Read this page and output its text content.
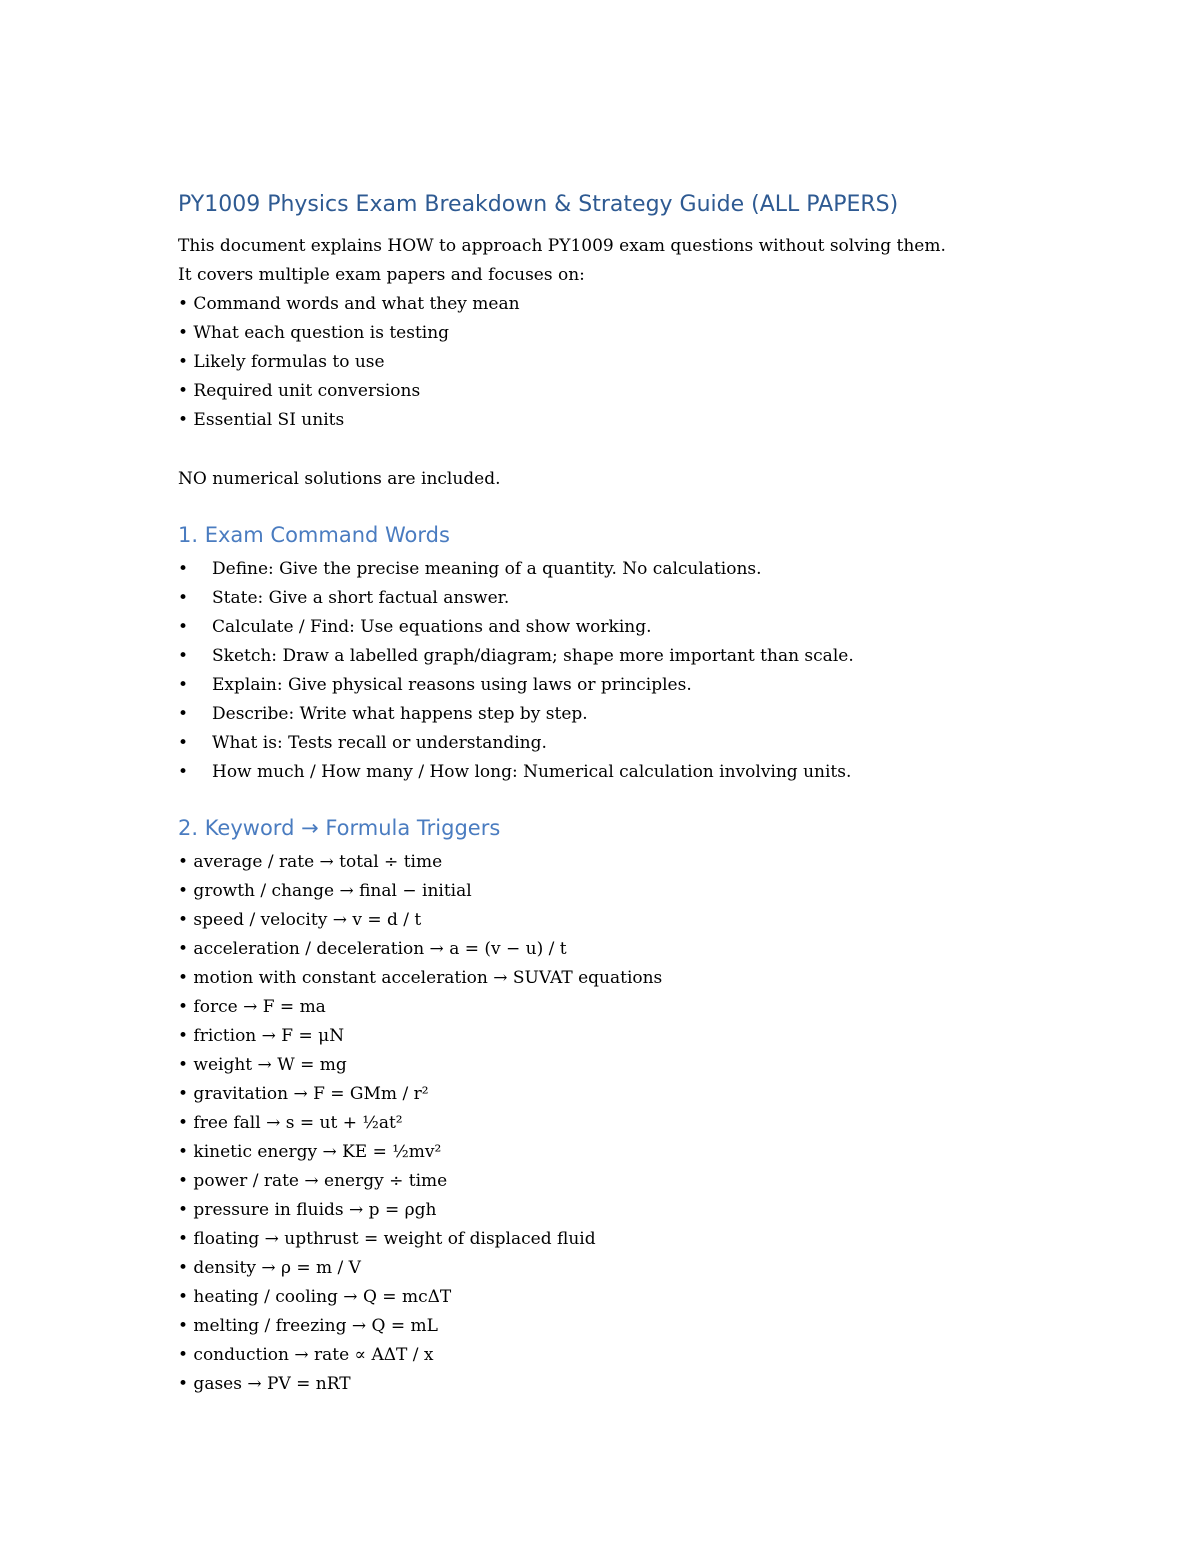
PY1009 Physics Exam Breakdown & Strategy Guide (ALL PAPERS)
This document explains HOW to approach PY1009 exam questions without solving them.
It covers multiple exam papers and focuses on:
• Command words and what they mean
• What each question is testing
• Likely formulas to use
• Required unit conversions
• Essential SI units
NO numerical solutions are included.
1. Exam Command Words
• Define: Give the precise meaning of a quantity. No calculations.
• State: Give a short factual answer.
• Calculate / Find: Use equations and show working.
• Sketch: Draw a labelled graph/diagram; shape more important than scale.
• Explain: Give physical reasons using laws or principles.
• Describe: Write what happens step by step.
• What is: Tests recall or understanding.
• How much / How many / How long: Numerical calculation involving units.
2. Keyword → Formula Triggers
• average / rate → total ÷ time
• growth / change → final − initial
• speed / velocity → v = d / t
• acceleration / deceleration → a = (v − u) / t
• motion with constant acceleration → SUVAT equations
• force → F = ma
• friction → F = μN
• weight → W = mg
• gravitation → F = GMm / r²
• free fall → s = ut + ½at²
• kinetic energy → KE = ½mv²
• power / rate → energy ÷ time
• pressure in fluids → p = ρgh
• floating → upthrust = weight of displaced fluid
• density → ρ = m / V
• heating / cooling → Q = mcΔT
• melting / freezing → Q = mL
• conduction → rate ∝ AΔT / x
• gases → PV = nRT
